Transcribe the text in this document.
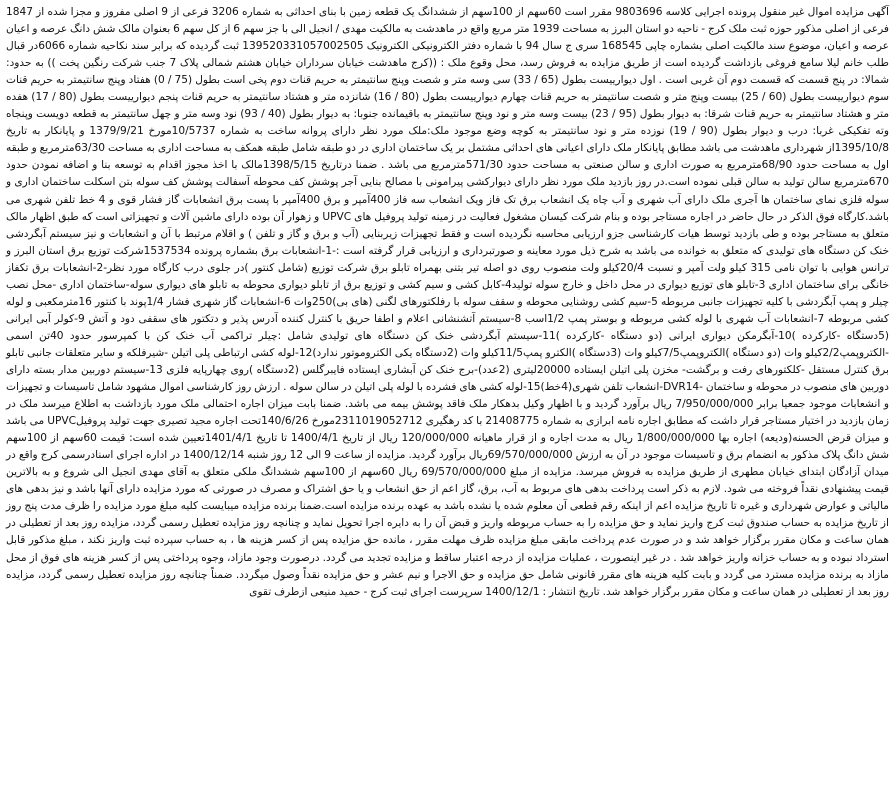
آگهی مزایده اموال غیر منقول پرونده اجرایی کلاسه 9803696 مقرر است 60سهم از 100سهم از ششدانگ یک قطعه زمین با بنای احداثی به شماره 3206 فرعی از 9 اصلی مفروز و مجزا شده از 1847 فرعی از اصلی مذکور حوزه ثبت ملک کرج - ناحیه دو استان البرز به مساحت 1939 متر مربع واقع در ماهدشت به مالکیت مهدی / انجیل الی با جز سهم 6 از کل سهم 6 بعنوان مالک شش دانگ عرصه و اعیان عرصه و اعیان، موضوع سند مالکیت اصلی بشماره چاپی 168545 سری ج سال 94 با شماره دفتر الکترونیکی الکترونیک 139520331057002505 ثبت گردیده که برابر سند نکاحیه شماره 6066در قبال طلب خانم لیلا سامع فروغی بازداشت گردیده است از طریق مزایده به فروش رسد، محل وقوع ملک : ((کرج ماهدشت خیابان سرداران خیابان هشتم شمالی پلاک 7 جنب شرکت رنگین پخت )) به حدود: شمالا: در پنج قسمت که قسمت دوم آن غربی است . اول دیوارییست بطول (65 / 33) سی وسه متر و شصت وپنج سانتیمتر به حریم قنات دوم پخی است بطول (75 / 0) هفتاد وپنج سانتیمتر به حریم قنات سوم دیوارییست بطول (60 / 25) بیست وپنج متر و شصت سانتیمتر به حریم قنات چهارم دیوارییست بطول (80 / 16) شانزده متر و هشتاد سانتیمتر به حریم قنات پنجم دیوارییست بطول (80 / 17) هفده متر و هشتاد سانتیمتر به حریم قنات شرقا: به دیوار بطول (95 / 23) بیست وسه متر و نود وپنج سانتیمتر به باقیمانده جنوبا: به دیوار بطول (40 / 93) نود وسه متر و چهل سانتیمتر به قطعه دویست وپنجاه وته تفکیکی غربا: درب و دیوار بطول (90 / 19) نوزده متر و نود سانتیمتر به کوچه وضع موجود ملک:ملک مورد نظر دارای پروانه ساخت به شماره 10/5737مورخ 1379/9/21 و پایانکار به تاریخ 1395/10/8از شهرداری ماهدشت می باشد مطابق پایانکار ملک دارای اعیانی های احداثی مشتمل بر یک ساختمان اداری در دو طبقه شامل طبقه همکف به مساحت اداری به مساحت 63/30مترمربع و طبقه اول به مساحت حدود 68/90مترمربع به صورت اداری و سالن صنعتی به مساحت حدود 571/30مترمربع می باشد . ضمنا درتاریخ 1398/5/15مالک با اخذ مجوز اقدام به توسعه بنا و اضافه نمودن حدود 670مترمربع سالن تولید به سالن قبلی نموده است.در روز بازدید ملک مورد نظر دارای دیوارکشی پیرامونی با مصالح بنایی آجر پوشش کف محوطه آسفالت پوشش کف سوله بتن اسکلت ساختمان اداری و سوله فلزی نمای ساختمان ها آجری ملک دارای آب شهری و آب چاه یک انشعاب برق تک فاز ویک انشعاب سه فاز 400آمپر و برق 400آمپر با پست برق انشعابات گاز فشار قوی و 4 خط تلفن شهری می باشد.کارگاه فوق الذکر در حال حاضر در اجاره مستاجر بوده و بنام شرکت کیسان مشغول فعالیت در زمینه تولید پروفیل های UPVC و زهوار آن بوده دارای ماشین آلات و تجهیزاتی است که طبق اظهار مالک متعلق به مستاجر بوده و طی بازدید توسط هیات کارشناسی جزو ارزیابی محاسبه نگردیده است و فقط تجهیزات زیربنایی (آب و برق و گاز و تلفن ) و اقلام مرتبط با آن و انشعابات و نیز سیستم آبگردشی خنک کن دستگاه های تولیدی که متعلق به خوانده می باشد به شرح ذیل مورد معاینه و صورتبرداری و ارزیابی قرار گرفته است :-1-انشعابات برق بشماره پرونده 1537534شرکت توزیع برق استان البرز و ترانس هوایی با توان نامی 315 کیلو ولت آمپر و نسبت 20/4کیلو ولت منصوب روی دو اصله تیر بتنی بهمراه تابلو برق شرکت توزیع (شامل کنتور )در جلوی درب کارگاه مورد نظر-2-انشعابات برق تکفاز خانگی برای ساختمان اداری 3-تابلو های توزیع دیواری در محل داخل و خارج سوله تولید4-کابل کشی و سیم کشی و توزیع برق از تابلو دیواری محوطه به تابلو های دیواری سوله-ساختمان اداری -محل نصب چیلر و پمپ آبگردشی با کلیه تجهیزات جانبی مربوطه 5-سیم کشی روشنایی محوطه و سقف سوله با رفلکتورهای لگنی (های بی)250وات 6-انشعابات گاز شهری فشار 1/4پوند با کنتور 16مترمکعبی و لوله کشی مربوطه 7-انشعابات آب شهری با لوله کشی مربوطه و بوستر پمپ 1/2اسب 8-سیستم آتشنشانی اعلام و اطفا حریق با کنترل کننده آدرس پذیر و دتکتور های سقفی دود و آتش 9-کولر آبی ایرانی (5دستگاه -کارکرده )10-آبگرمکن دیواری ایرانی (دو دستگاه -کارکرده )11-سیستم آبگردشی خنک کن دستگاه های تولیدی شامل :چیلر تراکمی آب خنک کن با کمپرسور حدود 40تن اسمی -الکتروپمپ2/2کیلو وات (دو دستگاه )الکتروپمپ7/5کیلو وات (3دستگاه )الکترو پمپ11/5کیلو وات (2دستگاه یکی الکتروموتور ندارد)12-لوله کشی ارتباطی پلی اتیلن -شیرفلکه و سایر متعلقات جانبی تابلو برق کنترل مستقل -کلکتورهای رفت و برگشت- مخزن پلی اتیلن ایستاده 20000لیتری (2عدد)-برج خنک کن آبشاری ایستاده فایبرگلس (2دستگاه )روی چهارپایه فلزی 13-سیستم دوربین مدار بسته دارای دوربین های منصوب در محوطه و ساختمان -DVR14-انشعاب تلفن شهری(4خط)15-لوله کشی های فشرده با لوله پلی اتیلن در سالن سوله . ارزش روز کارشناسی اموال مشهود شامل تاسیسات و تجهیزات و انشعابات موجود جمعیا برابر 7/950/000/000 ریال برآورد گردید و با اظهار وکیل بدهکار ملک فاقد پوشش بیمه می باشد. ضمنا بابت میزان اجاره احتمالی ملک مورد بازداشت به اطلاع میرسد ملک در زمان بازدید در اختیار مستاجر قرار داشت که مطابق اجاره نامه ابرازی به شماره 21408775 با کد رهگیری 2311019052712مورخ 140/6/26تحت اجاره مجید تصیری جهت تولید پروفیلUPVC می باشد و میزان قرض الحسنه(ودیعه) اجاره بها 1/800/000/000 ریال به مدت اجاره و از قرار ماهیانه 120/000/000 ریال از تاریخ 1400/4/1 تا تاریخ 1401/4/1تعیین شده است: قیمت 60سهم از 100سهم شش دانگ پلاک مذکور به انضمام برق و تاسیسات موجود در آن به ارزش 69/570/000/000ریال برآورد گردید. مزایده از ساعت 9 الی 12 روز شنبه 1400/12/14 در اداره اجرای اسنادرسمی کرج واقع در میدان آزادگان ابتدای خیابان مطهری از طریق مزایده به فروش میرسد. مزایده از مبلغ 69/570/000/000 ریال 60سهم از 100سهم ششدانگ ملکی متعلق به آقای مهدی انجیل الی شروع و به بالاترین قیمت پیشنهادی نقداً فروخته می شود. لازم به ذکر است پرداخت بدهی های مربوط به آب، برق، گاز اعم از حق انشعاب و یا حق اشتراک و مصرف در صورتی که مورد مزایده دارای آنها باشد و نیز بدهی های مالیاتی و عوارض شهرداری و غیره تا تاریخ مزایده اعم از اینکه رقم قطعی آن معلوم شده یا نشده باشد به عهده برنده مزایده است.ضمنا برنده مزایده میبایست کلیه مبلغ مورد مزایده را ظرف مدت پنج روز از تاریخ مزایده به حساب صندوق ثبت کرج واریز نماید و حق مزایده را به حساب مربوطه واریز و قبض آن را به دایره اجرا تحویل نماید و چنانچه روز مزایده تعطیل رسمی گردد، مزایده روز بعد از تعطیلی در همان ساعت و مکان مقرر برگزار خواهد شد و در صورت عدم پرداخت مابقی مبلغ مزایده ظرف مهلت مقرر ، مانده حق مزایده پس از کسر هزینه ها ، به حساب سپرده ثبت واریز نکند ، مبلغ مذکور قابل استرداد نبوده و به حساب خزانه واریز خواهد شد . در غیر اینصورت ، عملیات مزایده از درجه اعتبار ساقط و مزایده تجدید می گردد. درصورت وجود مازاد، وجوه پرداختی پس از کسر هزینه های فوق از محل مازاد به برنده مزایده مسترد می گردد و بابت کلیه هزینه های مقرر قانونی شامل حق مزایده و حق الاجرا و نیم عشر و حق مزایده نقداً وصول میگردد. ضمناً چنانچه روز مزایده تعطیل رسمی گردد، مزایده روز بعد از تعطیلی در همان ساعت و مکان مقرر برگزار خواهد شد. تاریخ انتشار : 1400/12/1 سرپرست اجرای ثبت کرج - حمید منیعی ازطرف تقوی
